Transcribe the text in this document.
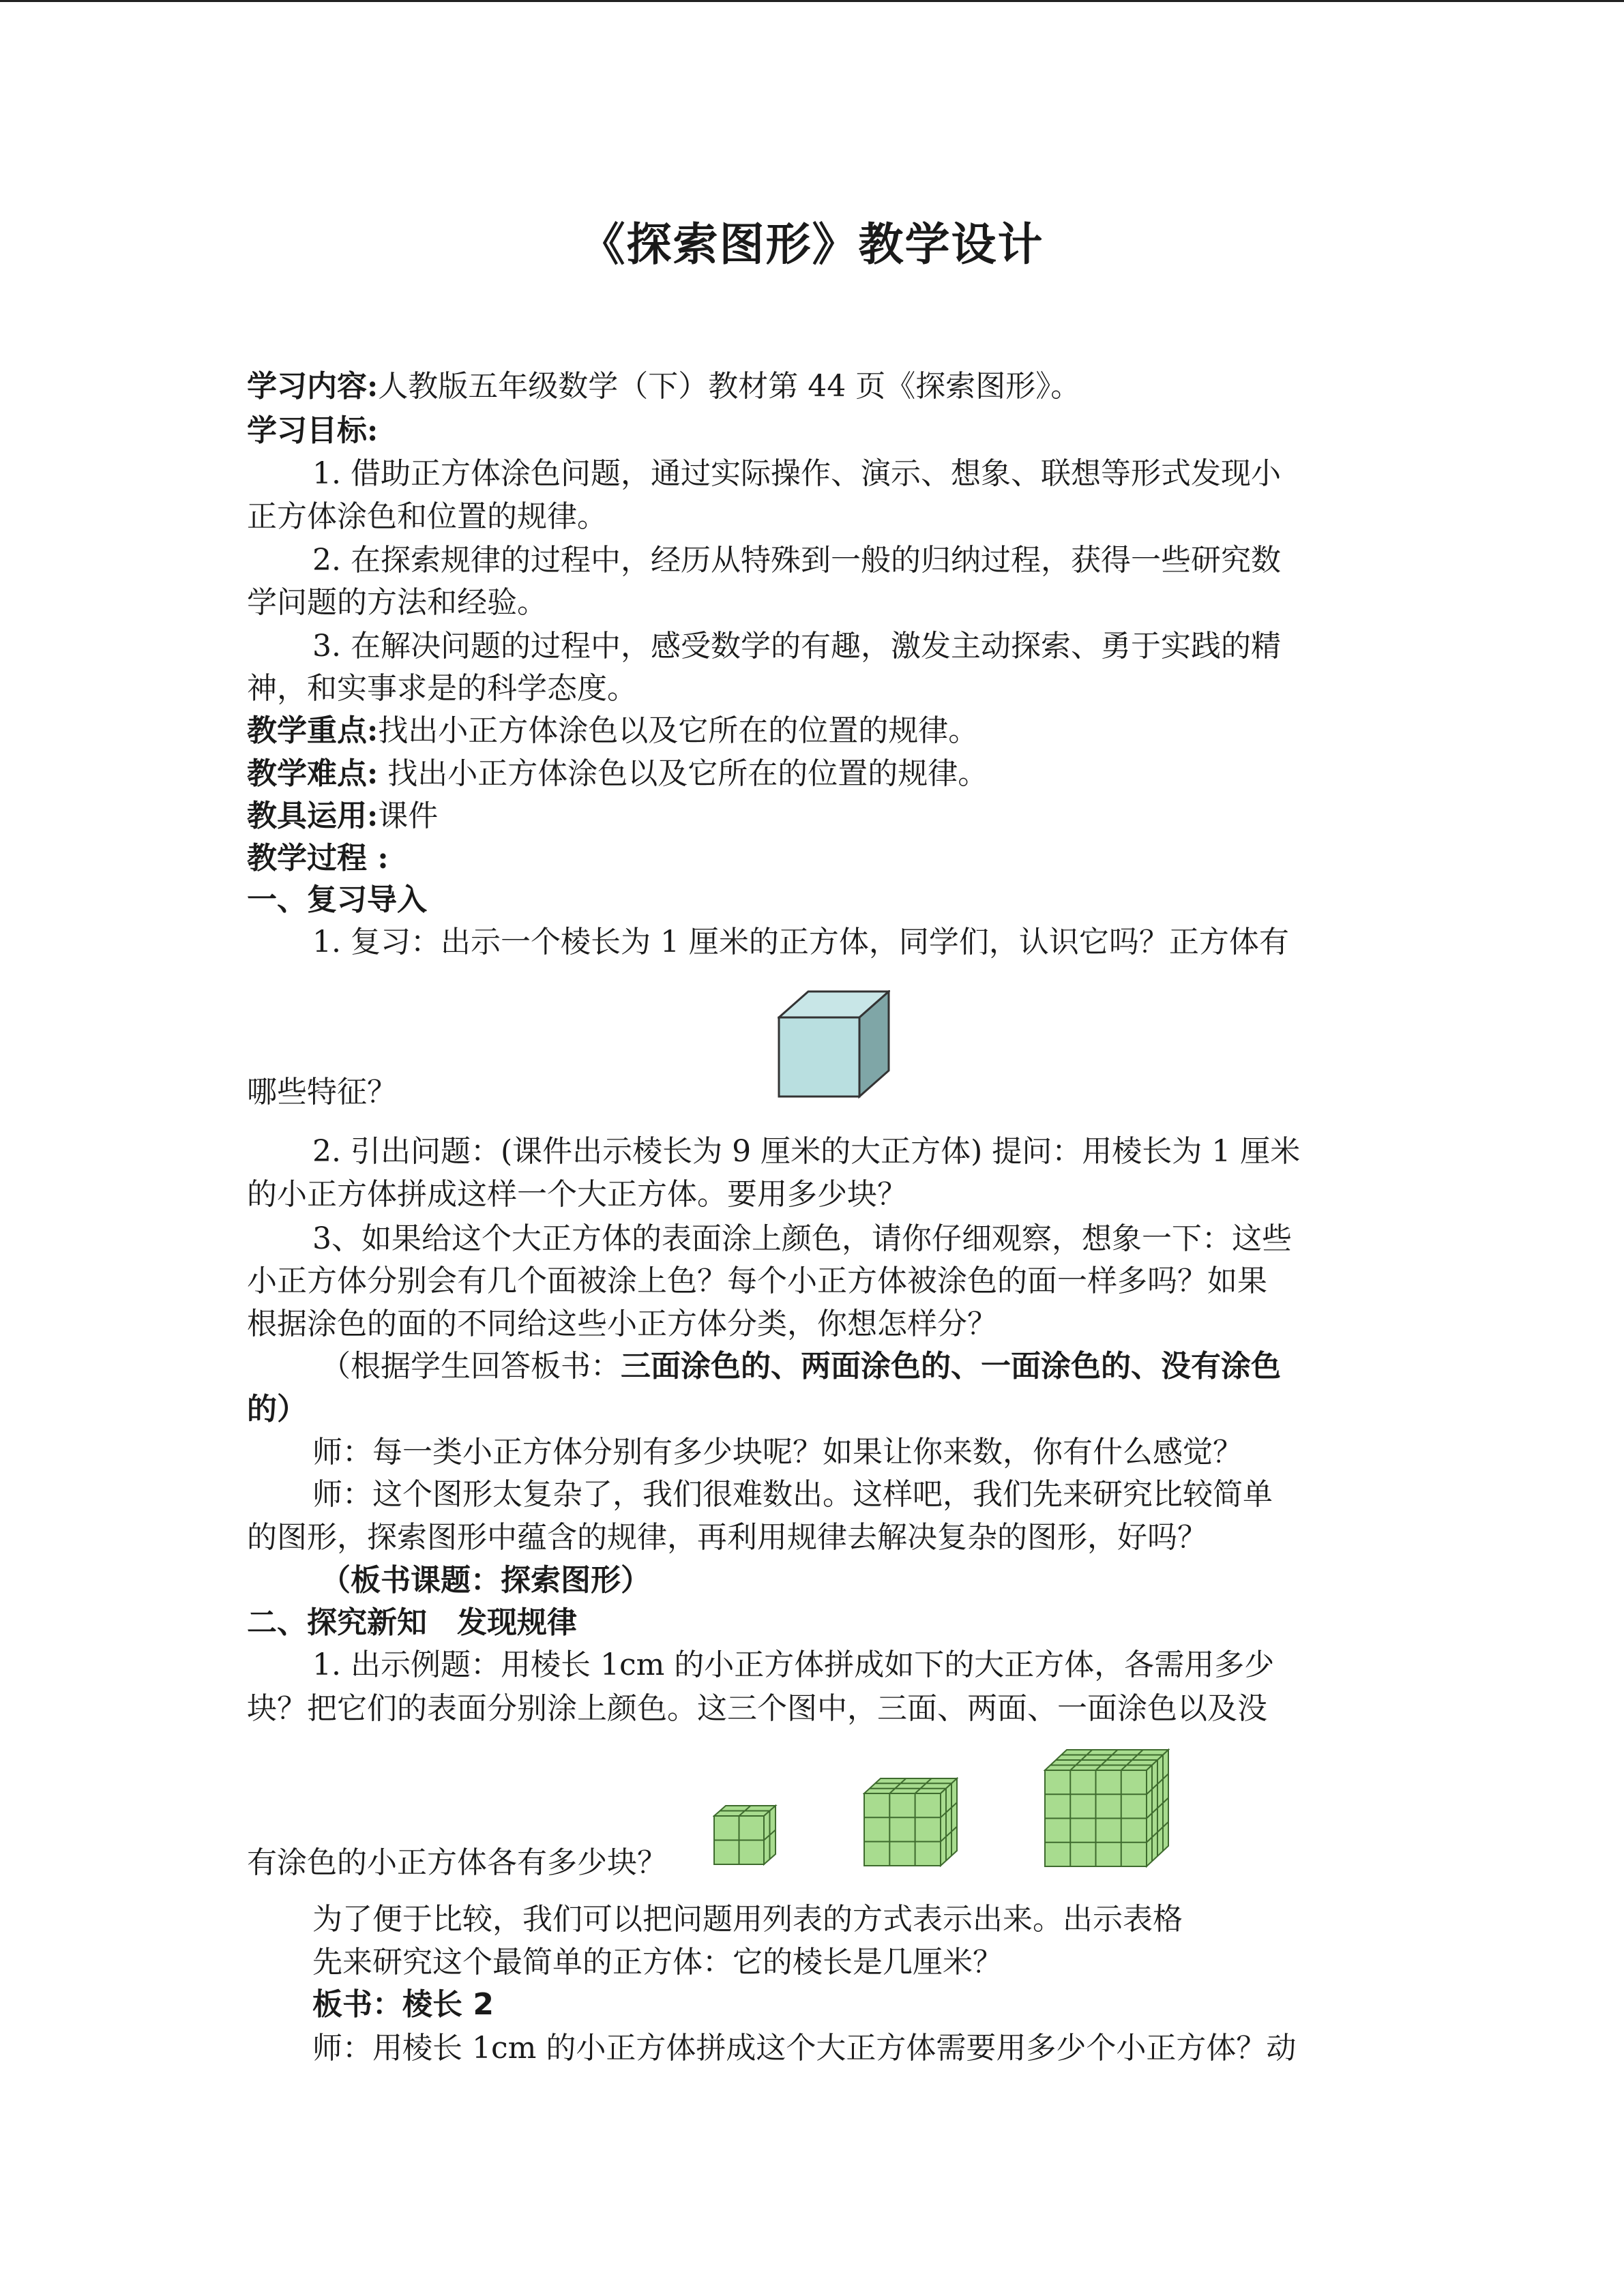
《探索图形》教学设计
学习内容:人教版五年级数学（下）教材第 44 页《探索图形》。
学习目标:
1. 借助正方体涂色问题，通过实际操作、演示、想象、联想等形式发现小
正方体涂色和位置的规律。
2. 在探索规律的过程中，经历从特殊到一般的归纳过程，获得一些研究数
学问题的方法和经验。
3. 在解决问题的过程中，感受数学的有趣，激发主动探索、勇于实践的精
神，和实事求是的科学态度。
教学重点:找出小正方体涂色以及它所在的位置的规律。
教学难点: 找出小正方体涂色以及它所在的位置的规律。
教具运用:课件
教学过程 :
一、复习导入
1. 复习：出示一个棱长为 1 厘米的正方体，同学们，认识它吗？正方体有
哪些特征？
2. 引出问题：(课件出示棱长为 9 厘米的大正方体) 提问：用棱长为 1 厘米
的小正方体拼成这样一个大正方体。要用多少块？
3、如果给这个大正方体的表面涂上颜色，请你仔细观察，想象一下：这些
小正方体分别会有几个面被涂上色？每个小正方体被涂色的面一样多吗？如果
根据涂色的面的不同给这些小正方体分类，你想怎样分？
（根据学生回答板书：三面涂色的、两面涂色的、一面涂色的、没有涂色
的）
师：每一类小正方体分别有多少块呢？如果让你来数，你有什么感觉？
师：这个图形太复杂了，我们很难数出。这样吧，我们先来研究比较简单
的图形，探索图形中蕴含的规律，再利用规律去解决复杂的图形，好吗？
（板书课题：探索图形）
二、探究新知　发现规律
1. 出示例题：用棱长 1cm 的小正方体拼成如下的大正方体，各需用多少
块？把它们的表面分别涂上颜色。这三个图中，三面、两面、一面涂色以及没
有涂色的小正方体各有多少块？
为了便于比较，我们可以把问题用列表的方式表示出来。出示表格
先来研究这个最简单的正方体：它的棱长是几厘米？
板书：棱长 2
师：用棱长 1cm 的小正方体拼成这个大正方体需要用多少个小正方体？动
